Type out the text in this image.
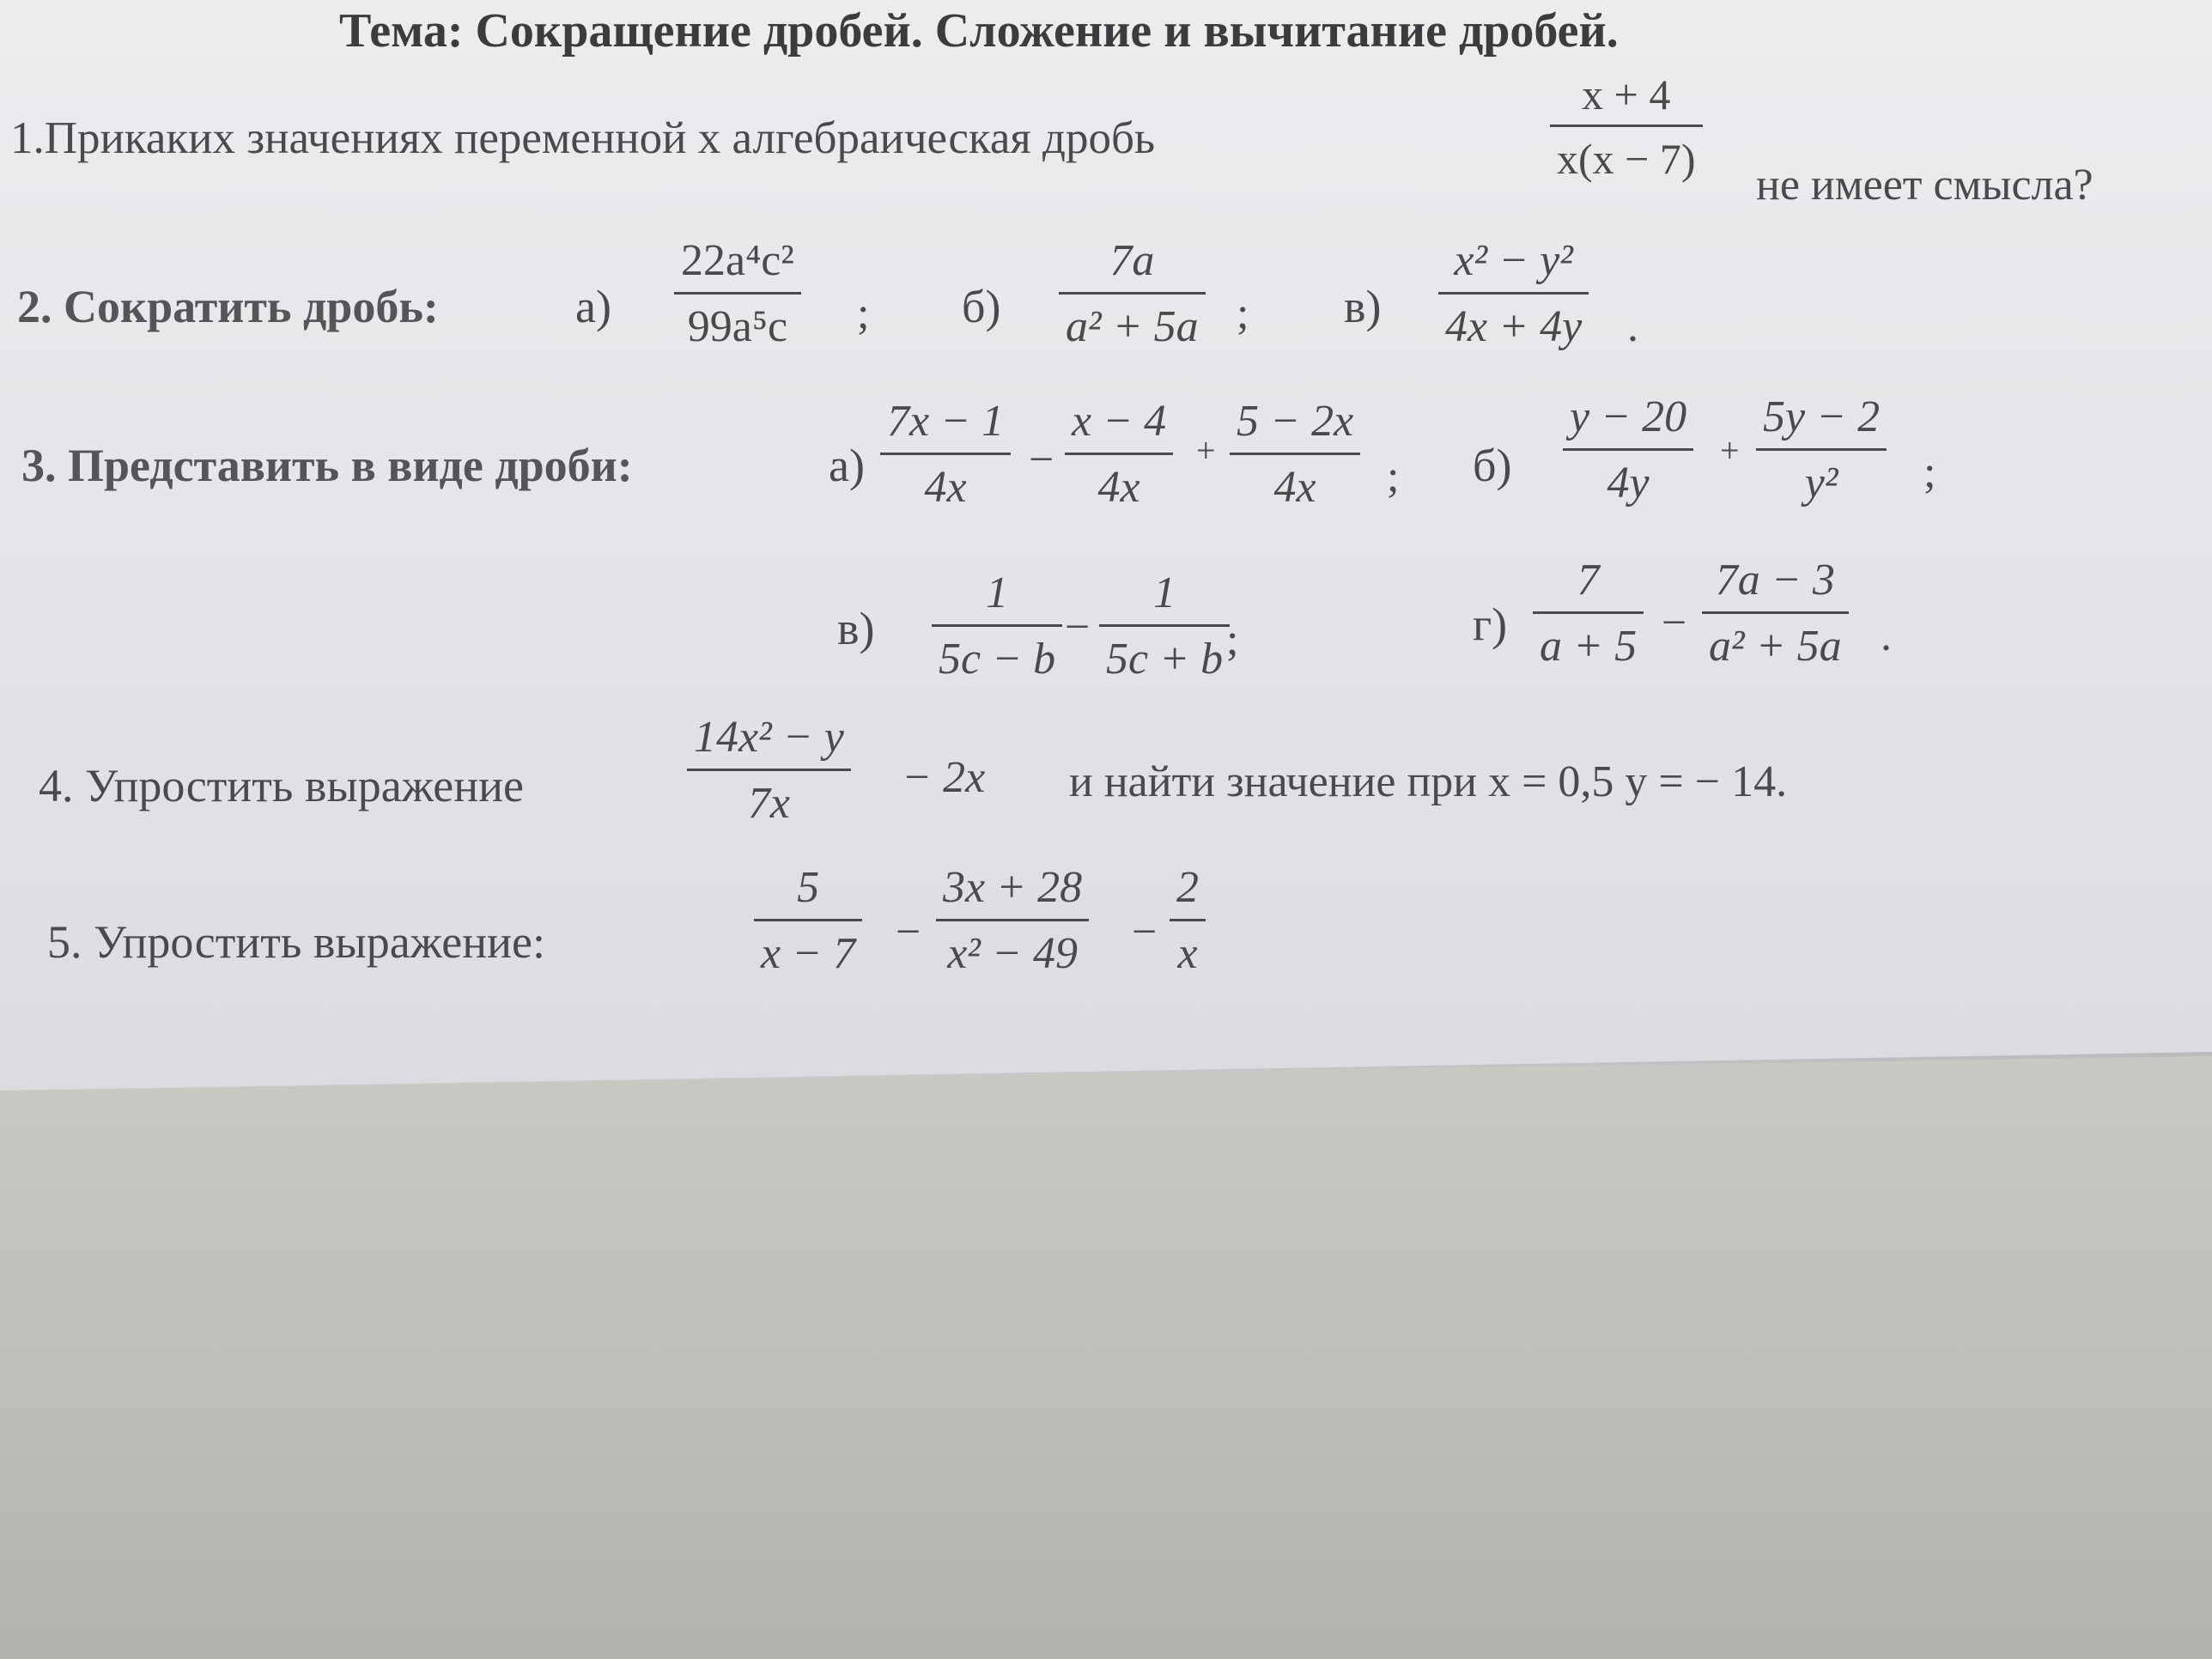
Тема: Сокращение дробей. Сложение и вычитание дробей.
1.Прикаких значениях переменной х алгебраическая дробь
x + 4
x(x − 7)
не имеет смысла?
2. Сократить дробь:	а)
22a⁴c²
99a⁵c ; б)
7a
a² + 5a ; в)
x² − y²
4x + 4y .
3. Представить в виде дроби:	а)
7x − 1
4x
−
x − 4
4x
+
5 − 2x
4x ; б)
y − 20
4y
+
5y − 2
y² ;
в)
1
5c − b
−
1
5c + b ;	г)
7
a + 5 −
7a − 3
a² + 5a .
4. Упростить выражение
14x² − y
7x
− 2x и найти значение при x = 0,5 y = − 14.
5. Упростить выражение:
5
x − 7 −
3x + 28
x² − 49 −
2
x
